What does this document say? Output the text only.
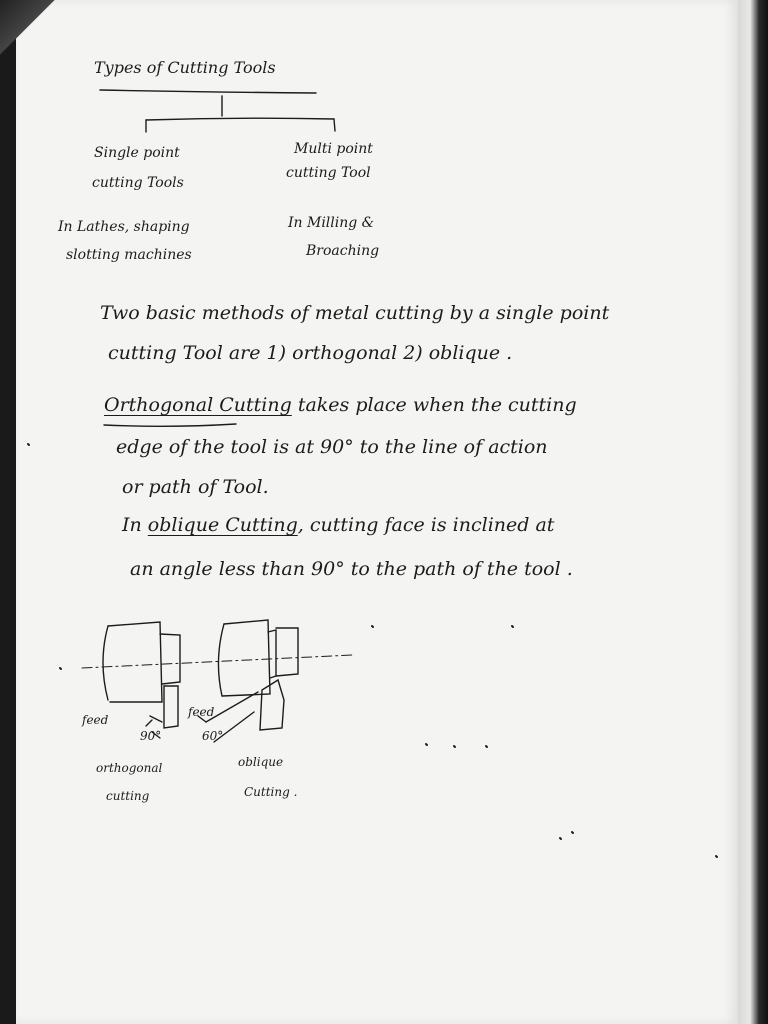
Types of Cutting Tools
Single point
cutting Tools
Multi point
cutting Tool
In Lathes, shaping
slotting machines
In Milling &
Broaching
Two basic methods of metal cutting by a single point
cutting Tool are 1) orthogonal 2) oblique .
Orthogonal Cutting takes place when the cutting
edge of the tool is at 90° to the line of action
or path of Tool.
In oblique Cutting, cutting face is inclined at
an angle less than 90° to the path of the tool .
feed
90°
feed
60°
orthogonal
cutting
oblique
Cutting .
